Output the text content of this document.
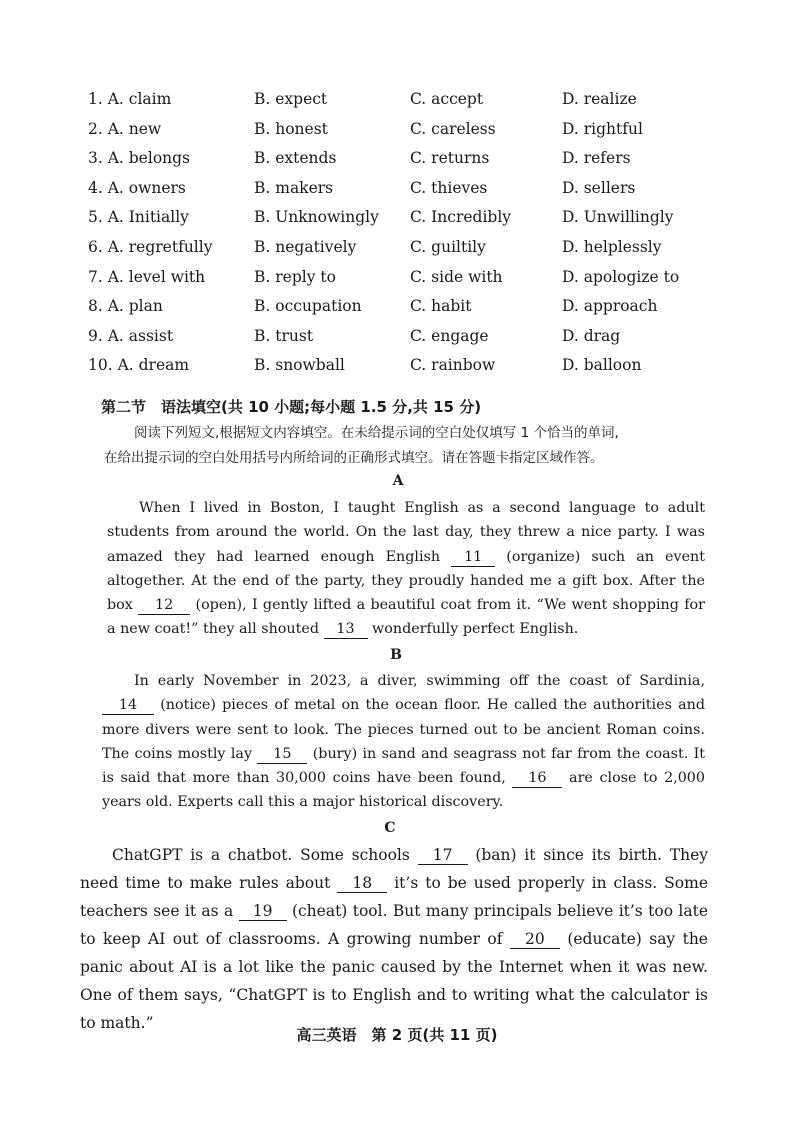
1. A. claim	B. expect	C. accept	D. realize
2. A. new	B. honest	C. careless	D. rightful
3. A. belongs	B. extends	C. returns	D. refers
4. A. owners	B. makers	C. thieves	D. sellers
5. A. Initially	B. Unknowingly C. Incredibly	D. Unwillingly
6. A. regretfully	B. negatively	C. guiltily	D. helplessly
7. A. level with	B. reply to	C. side with	D. apologize to
8. A. plan	B. occupation	C. habit	D. approach
9. A. assist	B. trust	C. engage	D. drag
10. A. dream	B. snowball	C. rainbow	D. balloon
第二节　语法填空(共 10 小题;每小题 1.5 分,共 15 分)

阅读下列短文,根据短文内容填空。在未给提示词的空白处仅填写 1 个恰当的单词,

在给出提示词的空白处用括号内所给词的正确形式填空。请在答题卡指定区域作答。

A

When I lived in Boston, I taught English as a second language to adult students from around the world. On the last day, they threw a nice party. I was amazed they had learned enough English 11 (organize) such an event altogether. At the end of the party, they proudly handed me a gift box. After the box 12 (open), I gently lifted a beautiful coat from it. “We went shopping for a new coat!” they all shouted 13 wonderfully perfect English.

B

In early November in 2023, a diver, swimming off the coast of Sardinia, 14 (notice) pieces of metal on the ocean floor. He called the authorities and more divers were sent to look. The pieces turned out to be ancient Roman coins. The coins mostly lay 15 (bury) in sand and seagrass not far from the coast. It is said that more than 30,000 coins have been found, 16 are close to 2,000 years old. Experts call this a major historical discovery.

C

ChatGPT is a chatbot. Some schools 17 (ban) it since its birth. They need time to make rules about 18 it’s to be used properly in class. Some teachers see it as a 19 (cheat) tool. But many principals believe it’s too late to keep AI out of classrooms. A growing number of 20 (educate) say the panic about AI is a lot like the panic caused by the Internet when it was new. One of them says, “ChatGPT is to English and to writing what the calculator is to math.”

高三英语　第 2 页(共 11 页)
